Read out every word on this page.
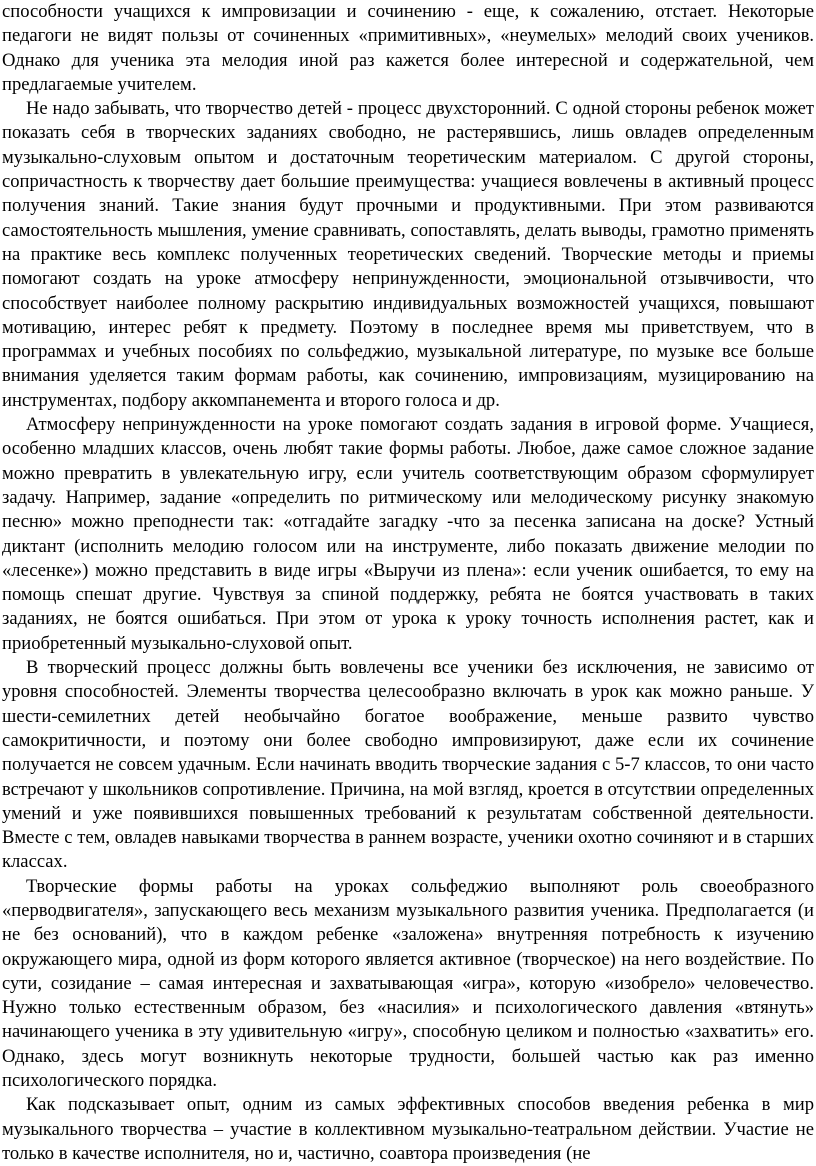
способности учащихся к импровизации и сочинению - еще, к сожалению, отстает. Некоторые педагоги не видят пользы от сочиненных «примитивных», «неумелых» мелодий своих учеников. Однако для ученика эта мелодия иной раз кажется более интересной и содержательной, чем предлагаемые учителем.

Не надо забывать, что творчество детей - процесс двухсторонний. С одной стороны ребенок может показать себя в творческих заданиях свободно, не растерявшись, лишь овладев определенным музыкально-слуховым опытом и достаточным теоретическим материалом. С другой стороны, сопричастность к творчеству дает большие преимущества: учащиеся вовлечены в активный процесс получения знаний. Такие знания будут прочными и продуктивными. При этом развиваются самостоятельность мышления, умение сравнивать, сопоставлять, делать выводы, грамотно применять на практике весь комплекс полученных теоретических сведений. Творческие методы и приемы помогают создать на уроке атмосферу непринужденности, эмоциональной отзывчивости, что способствует наиболее полному раскрытию индивидуальных возможностей учащихся, повышают мотивацию, интерес ребят к предмету. Поэтому в последнее время мы приветствуем, что в программах и учебных пособиях по сольфеджио, музыкальной литературе, по музыке все больше внимания уделяется таким формам работы, как сочинению, импровизациям, музицированию на инструментах, подбору аккомпанемента и второго голоса и др.

Атмосферу непринужденности на уроке помогают создать задания в игровой форме. Учащиеся, особенно младших классов, очень любят такие формы работы. Любое, даже самое сложное задание можно превратить в увлекательную игру, если учитель соответствующим образом сформулирует задачу. Например, задание «определить по ритмическому или мелодическому рисунку знакомую песню» можно преподнести так: «отгадайте загадку -что за песенка записана на доске? Устный диктант (исполнить мелодию голосом или на инструменте, либо показать движение мелодии по «лесенке») можно представить в виде игры «Выручи из плена»: если ученик ошибается, то ему на помощь спешат другие. Чувствуя за спиной поддержку, ребята не боятся участвовать в таких заданиях, не боятся ошибаться. При этом от урока к уроку точность исполнения растет, как и приобретенный музыкально-слуховой опыт.

В творческий процесс должны быть вовлечены все ученики без исключения, не зависимо от уровня способностей. Элементы творчества целесообразно включать в урок как можно раньше. У шести-семилетних детей необычайно богатое воображение, меньше развито чувство самокритичности, и поэтому они более свободно импровизируют, даже если их сочинение получается не совсем удачным. Если начинать вводить творческие задания с 5-7 классов, то они часто встречают у школьников сопротивление. Причина, на мой взгляд, кроется в отсутствии определенных умений и уже появившихся повышенных требований к результатам собственной деятельности. Вместе с тем, овладев навыками творчества в раннем возрасте, ученики охотно сочиняют и в старших классах.

Творческие формы работы на уроках сольфеджио выполняют роль своеобразного «перводвигателя», запускающего весь механизм музыкального развития ученика. Предполагается (и не без оснований), что в каждом ребенке «заложена» внутренняя потребность к изучению окружающего мира, одной из форм которого является активное (творческое) на него воздействие. По сути, созидание – самая интересная и захватывающая «игра», которую «изобрело» человечество. Нужно только естественным образом, без «насилия» и психологического давления «втянуть» начинающего ученика в эту удивительную «игру», способную целиком и полностью «захватить» его. Однако, здесь могут возникнуть некоторые трудности, большей частью как раз именно психологического порядка.

Как подсказывает опыт, одним из самых эффективных способов введения ребенка в мир музыкального творчества – участие в коллективном музыкально-театральном действии. Участие не только в качестве исполнителя, но и, частично, соавтора произведения (не
